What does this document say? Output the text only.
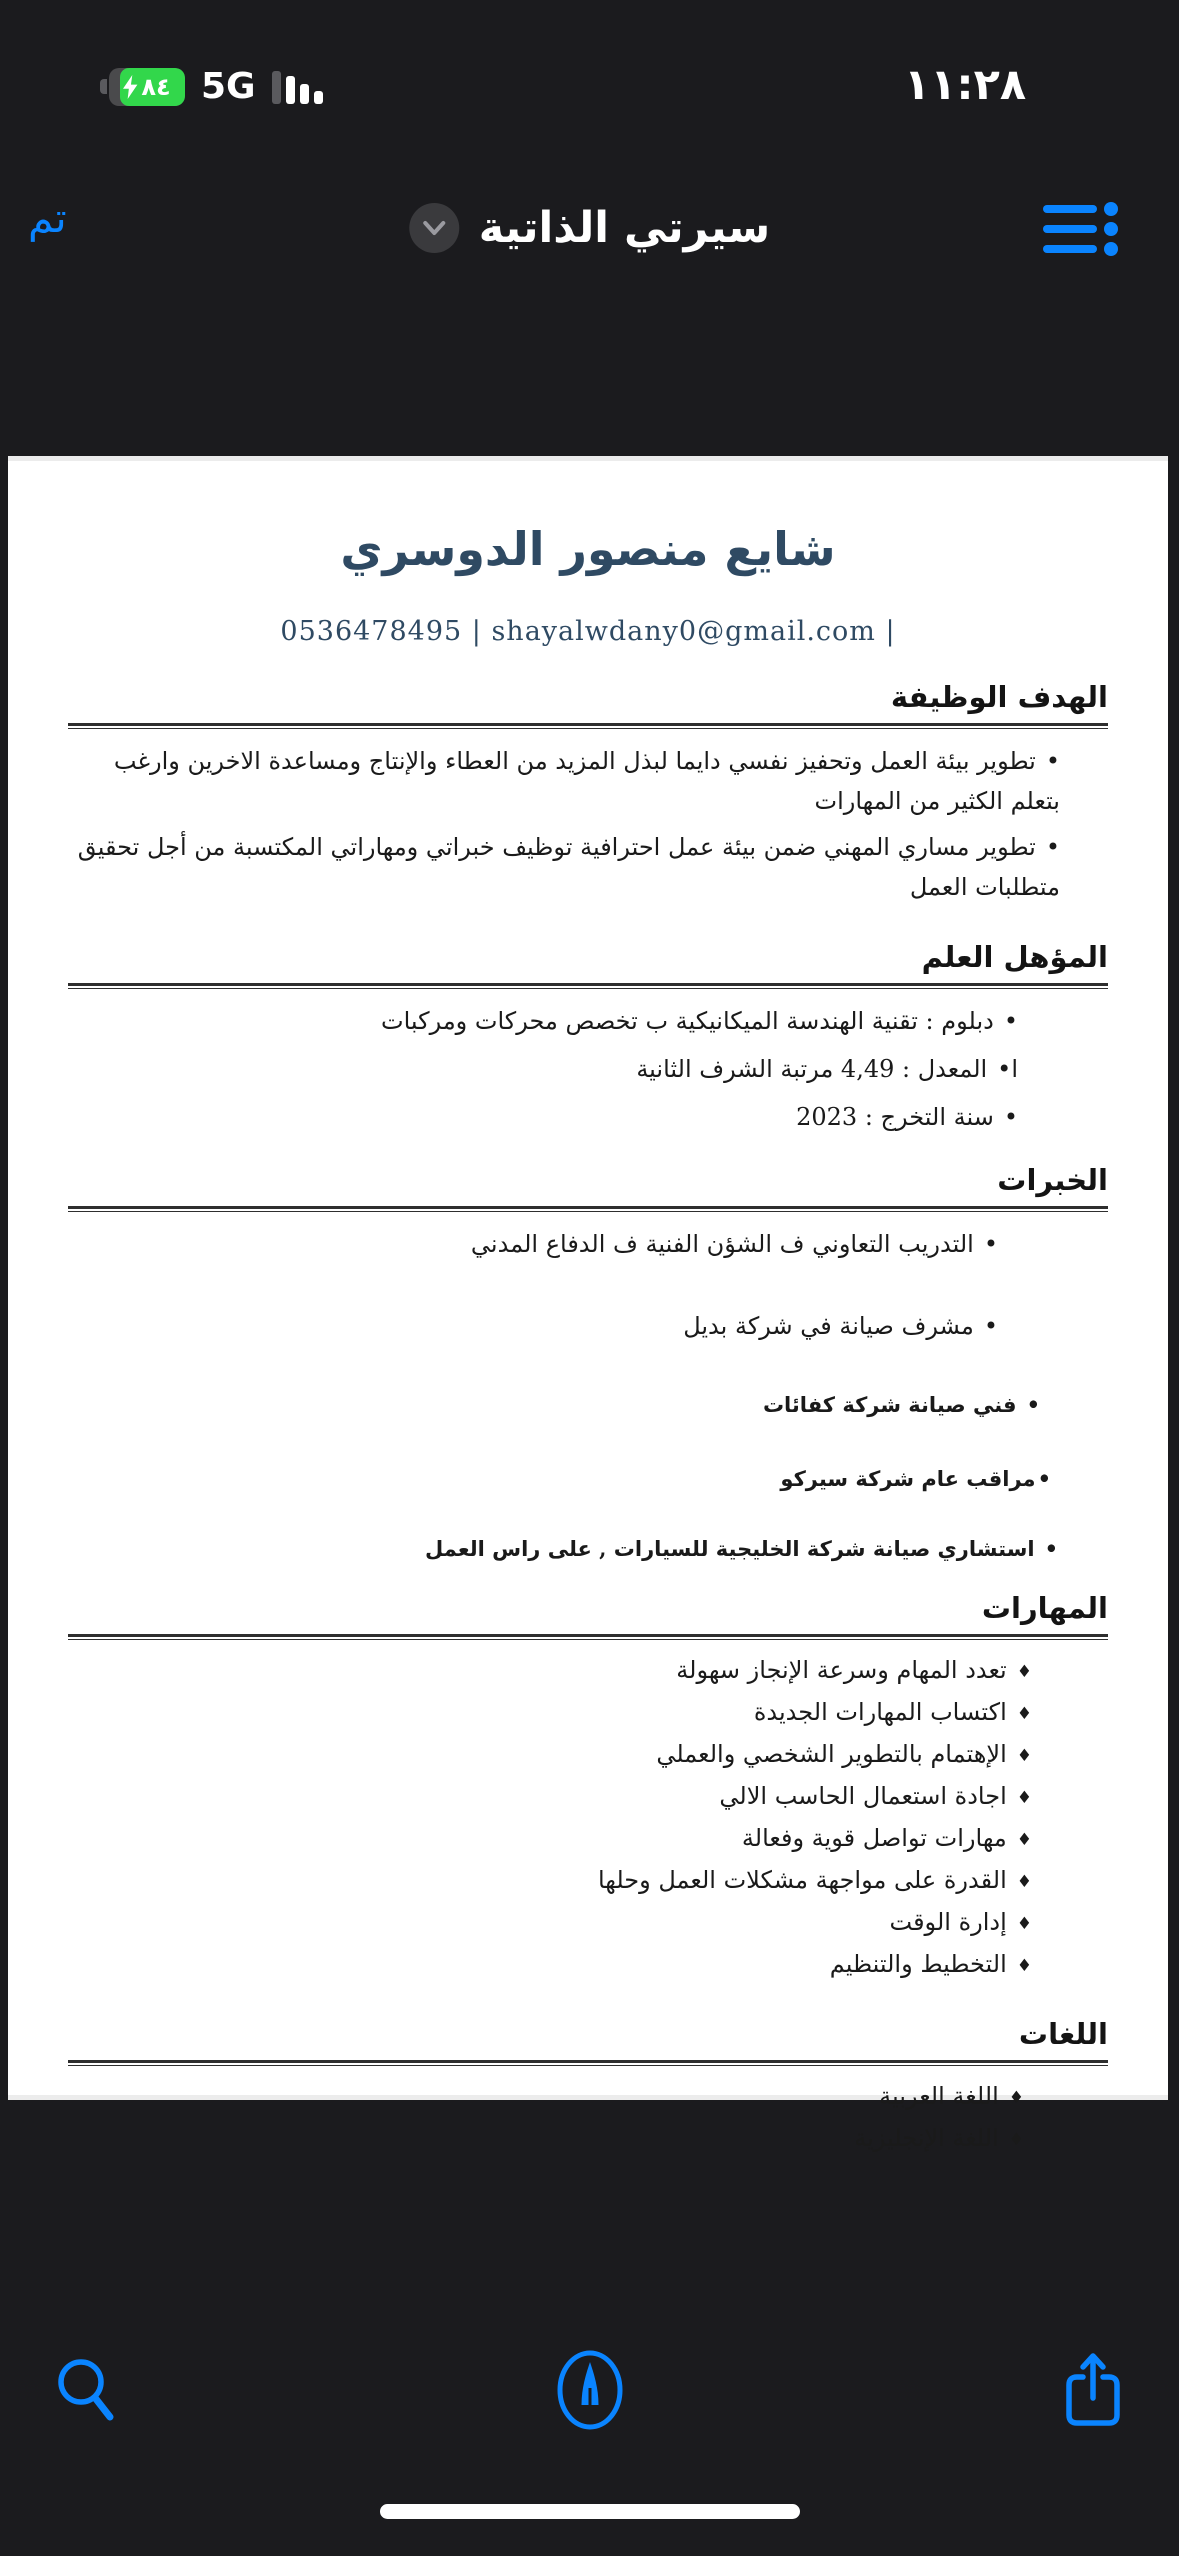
٨٤ 5G	١١:٢٨
تم	سيرتي الذاتية
شايع منصور الدوسري
0536478495 | shayalwdany0@gmail.com |
الهدف الوظيفة
•تطوير بيئة العمل وتحفيز نفسي دايما لبذل المزيد من العطاء والإنتاج ومساعدة الاخرين وارغب بتعلم الكثير من المهارات
•تطوير مساري المهني ضمن بيئة عمل احترافية توظيف خبراتي ومهاراتي المكتسبة من أجل تحقيق متطلبات العمل
المؤهل العلم
•دبلوم : تقنية الهندسة الميكانيكية ب تخصص محركات ومركبات
ا•المعدل : 4,49 مرتبة الشرف الثانية
•سنة التخرج : 2023
الخبرات
•التدريب التعاوني ف الشؤن الفنية ف الدفاع المدني
•مشرف صيانة في شركة بديل
•فني صيانة شركة كفائات
•مراقب عام شركة سيركو
•استشاري صيانة شركة الخليجية للسيارات , على راس العمل
المهارات
♦تعدد المهام وسرعة الإنجاز سهولة
♦اكتساب المهارات الجديدة
♦الإهتمام بالتطوير الشخصي والعملي
♦اجادة استعمال الحاسب الالي
♦مهارات تواصل قوية وفعالة
♦القدرة على مواجهة مشكلات العمل وحلها
♦إدارة الوقت
♦التخطيط والتنظيم
اللغات
♦اللغة العربية
♦اللغة الإنجليزية
